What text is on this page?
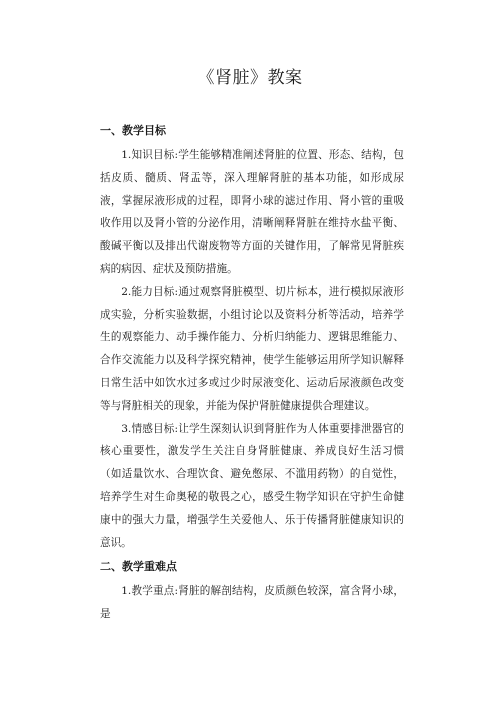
《肾脏》教案
一、教学目标

1.知识目标:学生能够精准阐述肾脏的位置、形态、结构，包括皮质、髓质、肾盂等，深入理解肾脏的基本功能，如形成尿液，掌握尿液形成的过程，即肾小球的滤过作用、肾小管的重吸收作用以及肾小管的分泌作用，清晰阐释肾脏在维持水盐平衡、酸碱平衡以及排出代谢废物等方面的关键作用，了解常见肾脏疾病的病因、症状及预防措施。

2.能力目标:通过观察肾脏模型、切片标本，进行模拟尿液形成实验，分析实验数据，小组讨论以及资料分析等活动，培养学生的观察能力、动手操作能力、分析归纳能力、逻辑思维能力、合作交流能力以及科学探究精神，使学生能够运用所学知识解释日常生活中如饮水过多或过少时尿液变化、运动后尿液颜色改变等与肾脏相关的现象，并能为保护肾脏健康提供合理建议。

3.情感目标:让学生深刻认识到肾脏作为人体重要排泄器官的核心重要性，激发学生关注自身肾脏健康、养成良好生活习惯（如适量饮水、合理饮食、避免憋尿、不滥用药物）的自觉性，培养学生对生命奥秘的敬畏之心，感受生物学知识在守护生命健康中的强大力量，增强学生关爱他人、乐于传播肾脏健康知识的意识。

二、教学重难点

1.教学重点:肾脏的解剖结构，皮质颜色较深，富含肾小球，是
